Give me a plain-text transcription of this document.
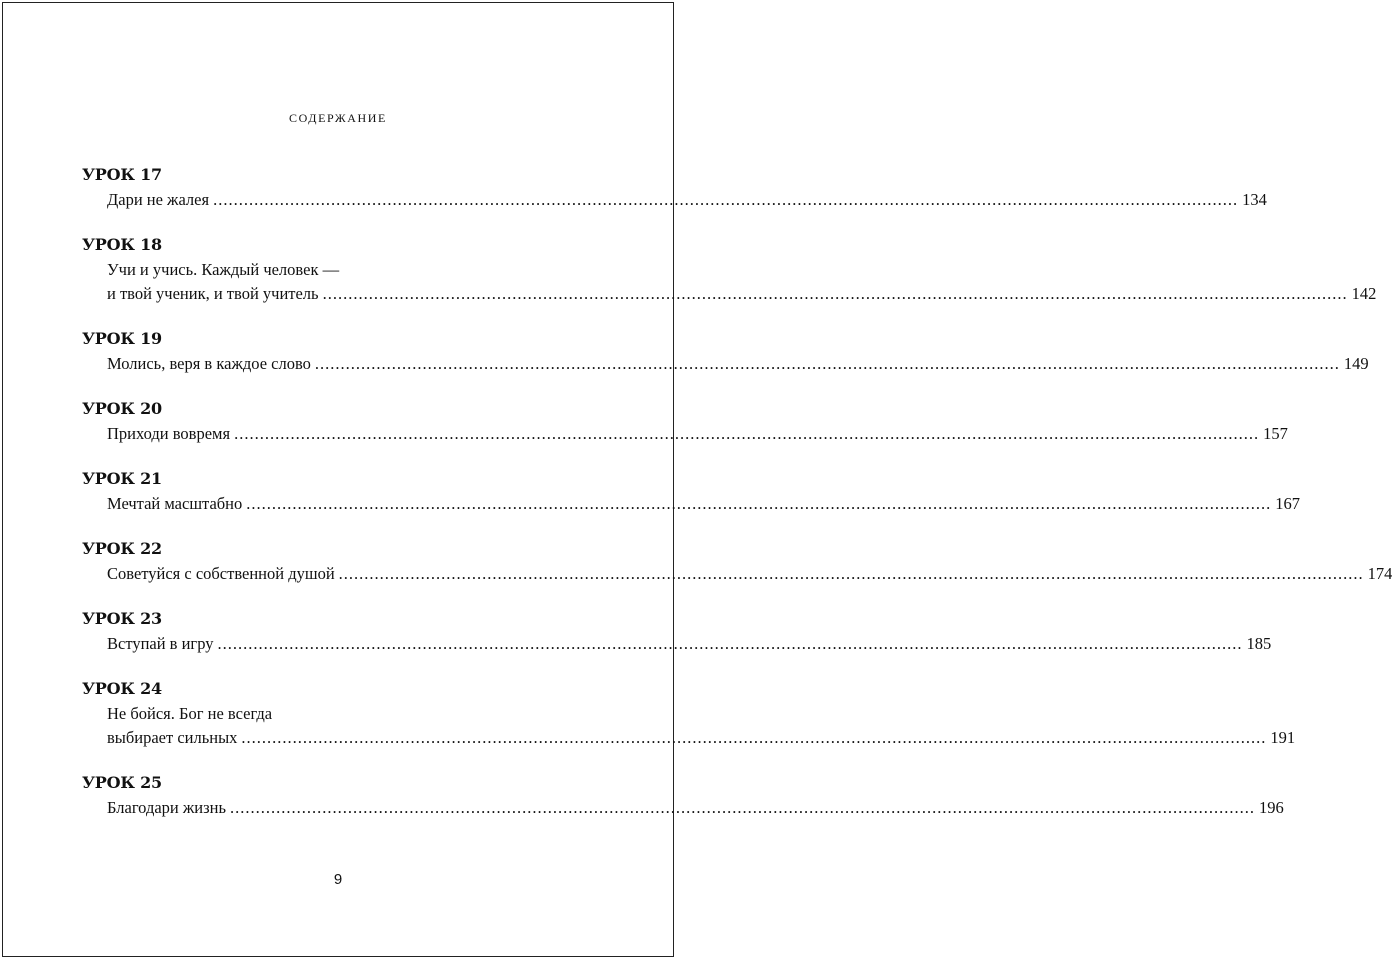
СОДЕРЖАНИЕ
УРОК 17
Дари не жалея ........................................................................................................................................................................................................ 134
УРОК 18
Учи и учись. Каждый человек —
и твой ученик, и твой учитель ........................................................................................................................................................................................................ 142
УРОК 19
Молись, веря в каждое слово ........................................................................................................................................................................................................ 149
УРОК 20
Приходи вовремя ........................................................................................................................................................................................................ 157
УРОК 21
Мечтай масштабно ........................................................................................................................................................................................................ 167
УРОК 22
Советуйся с собственной душой ........................................................................................................................................................................................................ 174
УРОК 23
Вступай в игру ........................................................................................................................................................................................................ 185
УРОК 24
Не бойся. Бог не всегда
выбирает сильных ........................................................................................................................................................................................................ 191
УРОК 25
Благодари жизнь ........................................................................................................................................................................................................ 196
9
